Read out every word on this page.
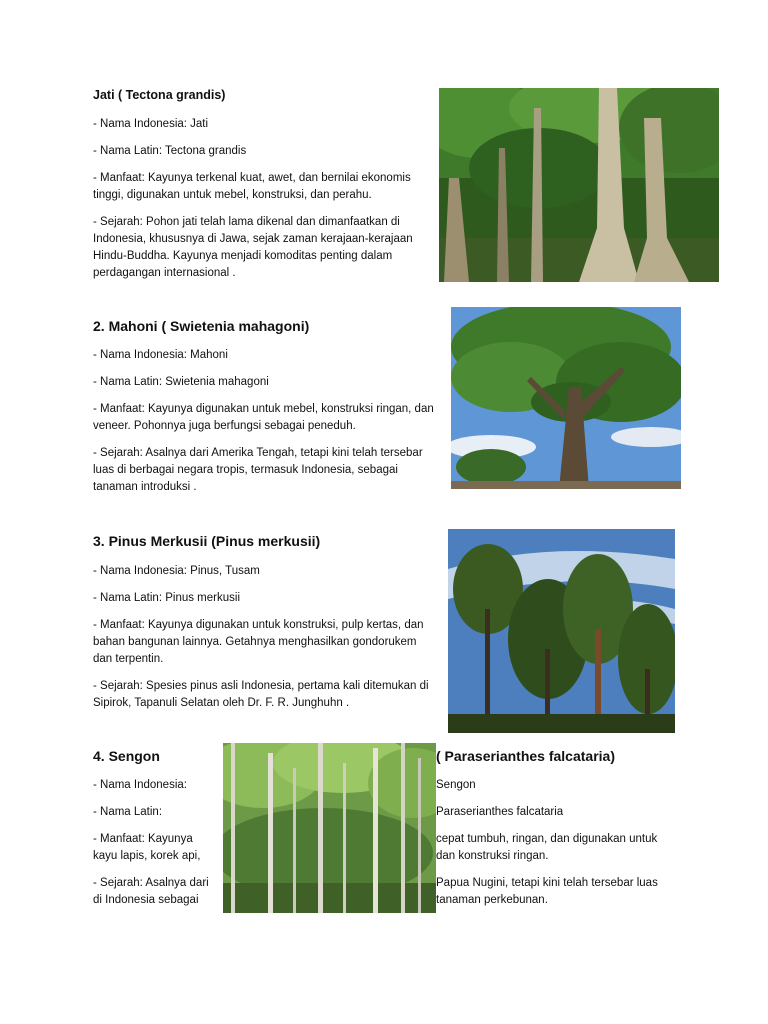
Jati ( Tectona grandis)

- Nama Indonesia: Jati

- Nama Latin: Tectona grandis

- Manfaat: Kayunya terkenal kuat, awet, dan bernilai ekonomis tinggi, digunakan untuk mebel, konstruksi, dan perahu.

- Sejarah: Pohon jati telah lama dikenal dan dimanfaatkan di Indonesia, khususnya di Jawa, sejak zaman kerajaan-kerajaan Hindu-Buddha. Kayunya menjadi komoditas penting dalam perdagangan internasional .

2. Mahoni ( Swietenia mahagoni)

- Nama Indonesia: Mahoni

- Nama Latin: Swietenia mahagoni

- Manfaat: Kayunya digunakan untuk mebel, konstruksi ringan, dan veneer. Pohonnya juga berfungsi sebagai peneduh.

- Sejarah: Asalnya dari Amerika Tengah, tetapi kini telah tersebar luas di berbagai negara tropis, termasuk Indonesia, sebagai tanaman introduksi .

3. Pinus Merkusii (Pinus merkusii)

- Nama Indonesia: Pinus, Tusam

- Nama Latin: Pinus merkusii

- Manfaat: Kayunya digunakan untuk konstruksi, pulp kertas, dan bahan bangunan lainnya. Getahnya menghasilkan gondorukem dan terpentin.

- Sejarah: Spesies pinus asli Indonesia, pertama kali ditemukan di Sipirok, Tapanuli Selatan oleh Dr. F. R. Junghuhn .

4. Sengon	( Paraserianthes falcataria)

- Nama Indonesia:

- Nama Latin:

- Manfaat: Kayunya

kayu lapis, korek api,

- Sejarah: Asalnya dari

di Indonesia sebagai

Sengon

Paraserianthes falcataria

cepat tumbuh, ringan, dan digunakan untuk

dan konstruksi ringan.

Papua Nugini, tetapi kini telah tersebar luas

tanaman perkebunan.
